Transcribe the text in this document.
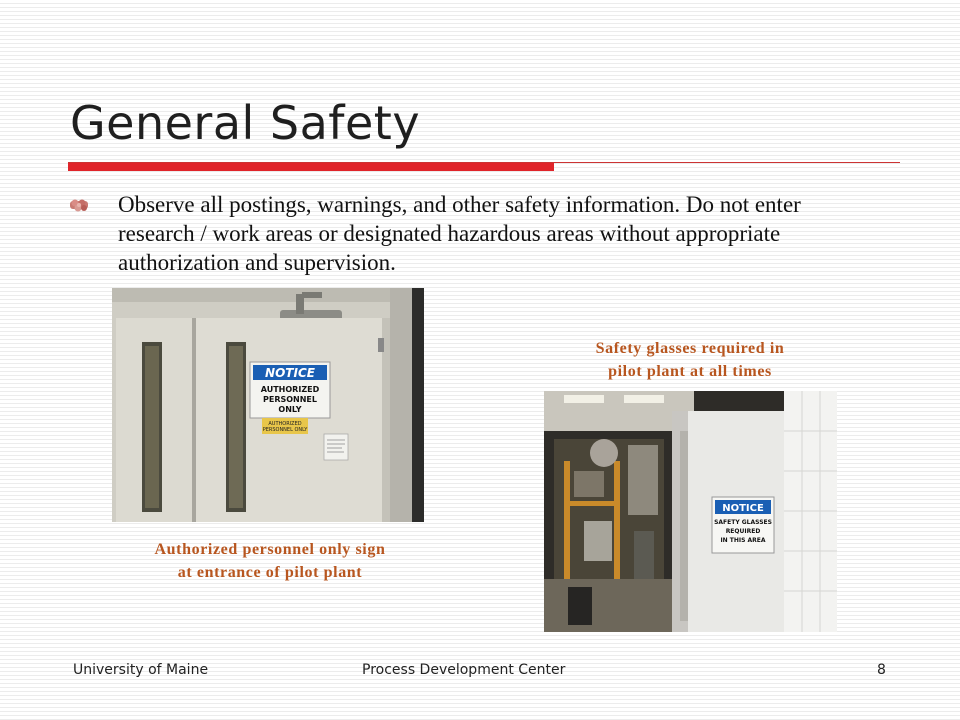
General Safety
Observe all postings, warnings, and other safety information. Do not enter research / work areas or designated hazardous areas without appropriate authorization and supervision.
NOTICE
AUTHORIZED
PERSONNEL
ONLY
AUTHORIZED
PERSONNEL ONLY
Authorized personnel only sign
at entrance of pilot plant
Safety glasses required in
pilot plant at all times
NOTICE
SAFETY GLASSES
REQUIRED
IN THIS AREA
University of Maine	Process Development Center	8
